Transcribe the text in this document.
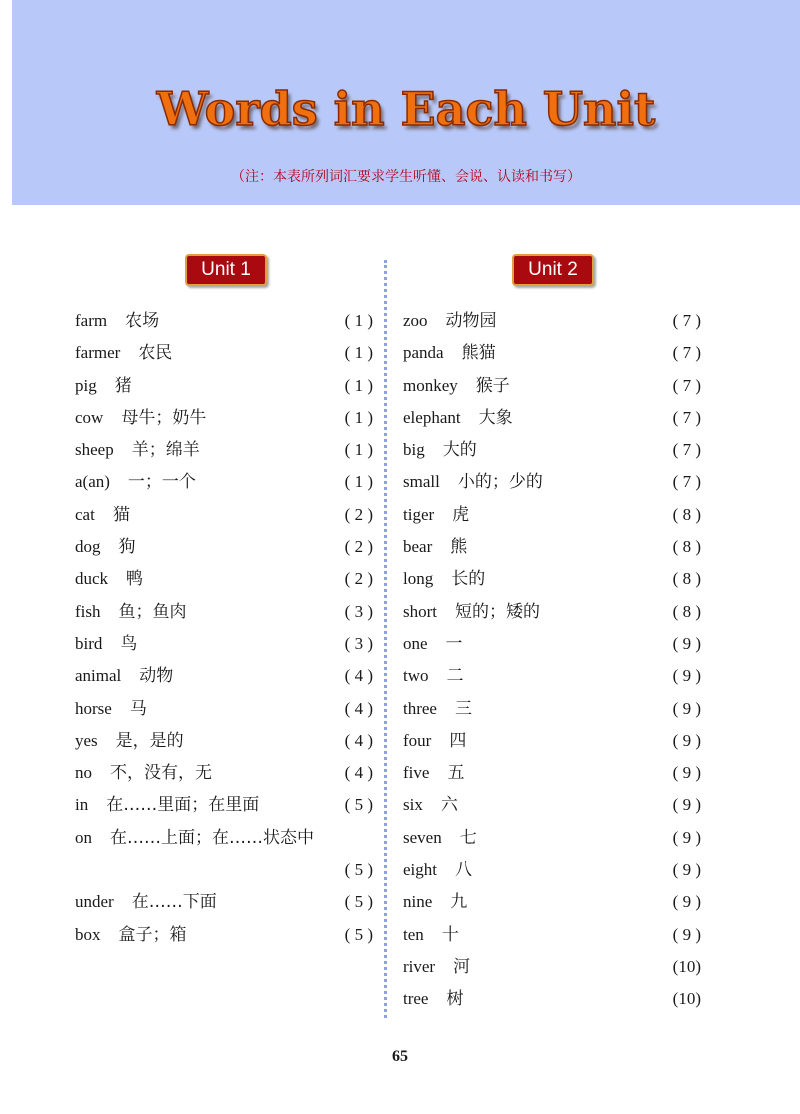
Words in Each Unit
（注：本表所列词汇要求学生听懂、会说、认读和书写）
Unit 1	Unit 2
farm 农场	( 1 )
farmer 农民	( 1 )
pig 猪	( 1 )
cow 母牛；奶牛	( 1 )
sheep 羊；绵羊	( 1 )
a(an) 一；一个	( 1 )
cat 猫	( 2 )
dog 狗	( 2 )
duck 鸭	( 2 )
fish 鱼；鱼肉	( 3 )
bird 鸟	( 3 )
animal 动物	( 4 )
horse 马	( 4 )
yes 是，是的	( 4 )
no 不，没有，无	( 4 )
in 在……里面；在里面	( 5 )
on 在……上面；在……状态中
( 5 )
under 在……下面	( 5 )
box 盒子；箱	( 5 )
zoo 动物园	( 7 )
panda 熊猫	( 7 )
monkey 猴子	( 7 )
elephant 大象	( 7 )
big 大的	( 7 )
small 小的；少的	( 7 )
tiger 虎	( 8 )
bear 熊	( 8 )
long 长的	( 8 )
short 短的；矮的	( 8 )
one 一	( 9 )
two 二	( 9 )
three 三	( 9 )
four 四	( 9 )
five 五	( 9 )
six 六	( 9 )
seven 七	( 9 )
eight 八	( 9 )
nine 九	( 9 )
ten 十	( 9 )
river 河	(10)
tree 树	(10)
65
